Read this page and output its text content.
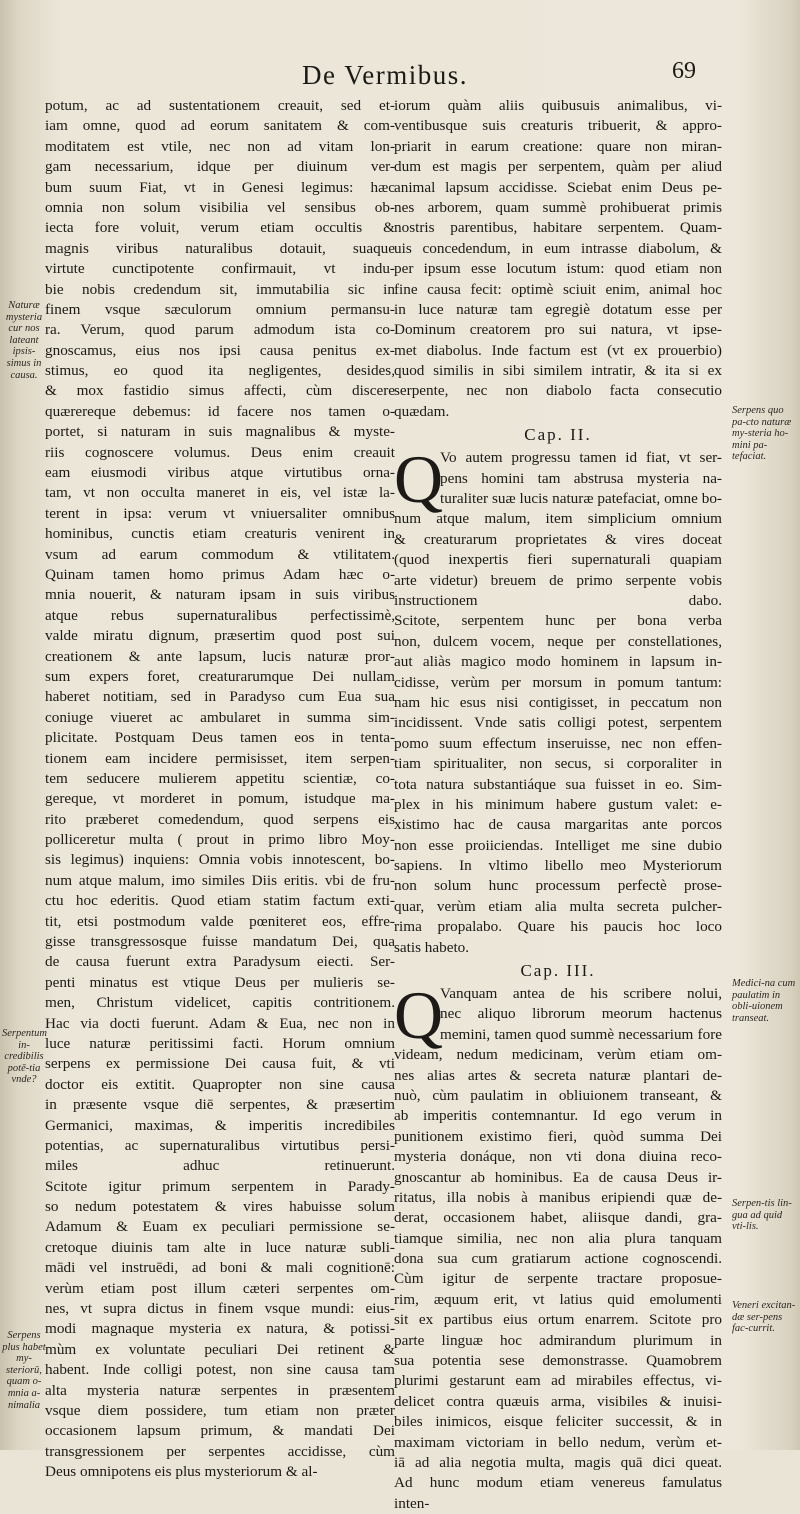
De Vermibus.	69
potum, ac ad sustentationem creauit, sed et-
iam omne, quod ad eorum sanitatem & com-
moditatem est vtile, nec non ad vitam lon-
gam necessarium, idque per diuinum ver-
bum suum Fiat, vt in Genesi legimus: hæc
omnia non solum visibilia vel sensibus ob-
iecta fore voluit, verum etiam occultis &
magnis viribus naturalibus dotauit, suaque
virtute cunctipotente confirmauit, vt indu-
bie nobis credendum sit, immutabilia sic in
finem vsque sæculorum omnium permansu-
ra. Verum, quod parum admodum ista co-
gnoscamus, eius nos ipsi causa penitus ex-
stimus, eo quod ita negligentes, desides,
& mox fastidio simus affecti, cùm discere
quærereque debemus: id facere nos tamen o-
portet, si naturam in suis magnalibus & myste-
riis cognoscere volumus. Deus enim creauit
eam eiusmodi viribus atque virtutibus orna-
tam, vt non occulta maneret in eis, vel istæ la-
terent in ipsa: verum vt vniuersaliter omnibus
hominibus, cunctis etiam creaturis venirent in
vsum ad earum commodum & vtilitatem.
Quinam tamen homo primus Adam hæc o-
mnia nouerit, & naturam ipsam in suis viribus
atque rebus supernaturalibus perfectissimè,
valde miratu dignum, præsertim quod post sui
creationem & ante lapsum, lucis naturæ pror-
sum expers foret, creaturarumque Dei nullam
haberet notitiam, sed in Paradyso cum Eua sua
coniuge viueret ac ambularet in summa sim-
plicitate. Postquam Deus tamen eos in tenta-
tionem eam incidere permisisset, item serpen-
tem seducere mulierem appetitu scientiæ, co-
gereque, vt morderet in pomum, istudque ma-
rito præberet comedendum, quod serpens eis
polliceretur multa ( prout in primo libro Moy-
sis legimus) inquiens: Omnia vobis innotescent, bo-
num atque malum, imo similes Diis eritis. vbi de fru-
ctu hoc ederitis. Quod etiam statim factum exti-
tit, etsi postmodum valde pœniteret eos, effre-
gisse transgressosque fuisse mandatum Dei, qua
de causa fuerunt extra Paradysum eiecti. Ser-
penti minatus est vtique Deus per mulieris se-
men, Christum videlicet, capitis contritionem.
Hac via docti fuerunt. Adam & Eua, nec non in
luce naturæ peritissimi facti. Horum omnium
serpens ex permissione Dei causa fuit, & vti
doctor eis extitit. Quapropter non sine causa
in præsente vsque diē serpentes, & præsertim
Germanici, maximas, & imperitis incredibiles
potentias, ac supernaturalibus virtutibus persi-
miles adhuc retinuerunt.
Scitote igitur primum serpentem in Parady-
so nedum potestatem & vires habuisse solum
Adamum & Euam ex peculiari permissione se-
cretoque diuinis tam alte in luce naturæ subli-
mādi vel instruēdi, ad boni & mali cognitionē:
verùm etiam post illum cæteri serpentes om-
nes, vt supra dictus in finem vsque mundi: eius-
modi magnaque mysteria ex natura, & potissi-
mùm ex voluntate peculiari Dei retinent &
habent. Inde colligi potest, non sine causa tam
alta mysteria naturæ serpentes in præsentem
vsque diem possidere, tum etiam non præter
occasionem lapsum primum, & mandati Dei
transgressionem per serpentes accidisse, cùm
Deus omnipotens eis plus mysteriorum & al-
iorum quàm aliis quibusuis animalibus, vi-
ventibusque suis creaturis tribuerit, & appro-
priarit in earum creatione: quare non miran-
dum est magis per serpentem, quàm per aliud
animal lapsum accidisse. Sciebat enim Deus pe-
nes arborem, quam summè prohibuerat primis
nostris parentibus, habitare serpentem. Quam-
uis concedendum, in eum intrasse diabolum, &
per ipsum esse locutum istum: quod etiam non
fine causa fecit: optimè sciuit enim, animal hoc
in luce naturæ tam egregiè dotatum esse per
Dominum creatorem pro sui natura, vt ipse-
met diabolus. Inde factum est (vt ex prouerbio)
quod similis in sibi similem intratir, & ita si ex
serpente, nec non diabolo facta consecutio
quædam.
Cap. II.
Q
Vo autem progressu tamen id fiat, vt ser-
pens homini tam abstrusa mysteria na-
turaliter suæ lucis naturæ patefaciat, omne bo-
num atque malum, item simplicium omnium
& creaturarum proprietates & vires doceat
(quod inexpertis fieri supernaturali quapiam
arte videtur) breuem de primo serpente vobis
instructionem dabo.
Scitote, serpentem hunc per bona verba
non, dulcem vocem, neque per constellationes,
aut aliàs magico modo hominem in lapsum in-
cidisse, verùm per morsum in pomum tantum:
nam hic esus nisi contigisset, in peccatum non
incidissent. Vnde satis colligi potest, serpentem
pomo suum effectum inseruisse, nec non effen-
tiam spiritualiter, non secus, si corporaliter in
tota natura substantiáque sua fuisset in eo. Sim-
plex in his minimum habere gustum valet: e-
xistimo hac de causa margaritas ante porcos
non esse proiiciendas. Intelliget me sine dubio
sapiens. In vltimo libello meo Mysteriorum
non solum hunc processum perfectè prose-
quar, verùm etiam alia multa secreta pulcher-
rima propalabo. Quare his paucis hoc loco
satis habeto.
Cap. III.
Q
Vanquam antea de his scribere nolui,
nec aliquo librorum meorum hactenus
memini, tamen quod summè necessarium fore
videam, nedum medicinam, verùm etiam om-
nes alias artes & secreta naturæ plantari de-
nuò, cùm paulatim in obliuionem transeant, &
ab imperitis contemnantur. Id ego verum in
punitionem existimo fieri, quòd summa Dei
mysteria donáque, non vti dona diuina reco-
gnoscantur ab hominibus. Ea de causa Deus ir-
ritatus, illa nobis à manibus eripiendi quæ de-
derat, occasionem habet, aliisque dandi, gra-
tiamque similia, nec non alia plura tanquam
dona sua cum gratiarum actione cognoscendi.
Cùm igitur de serpente tractare proposue-
rim, æquum erit, vt latius quid emolumenti
sit ex partibus eius ortum enarrem. Scitote pro
parte linguæ hoc admirandum plurimum in
sua potentia sese demonstrasse. Quamobrem
plurimi gestarunt eam ad mirabiles effectus, vi-
delicet contra quæuis arma, visibiles & inuisi-
biles inimicos, eisque feliciter successit, & in
maximam victoriam in bello nedum, verùm et-
iā ad alia negotia multa, magis quā dici queat.
Ad hunc modum etiam venereus famulatus
inten-
Naturæ mysteria cur nos lateant ipsis-simus in causa.
Serpentum in-credibilis potē-tia vnde?
Serpens plus habet my-steriorū, quam o-mnia a-nimalia
Serpens quo pa-cto naturæ my-steria ho-mini pa-tefaciat.
Medici-na cum paulatim in obli-uionem transeat.
Serpen-tis lin-gua ad quid vti-lis.
Veneri excitan-dæ ser-pens fac-currit.
